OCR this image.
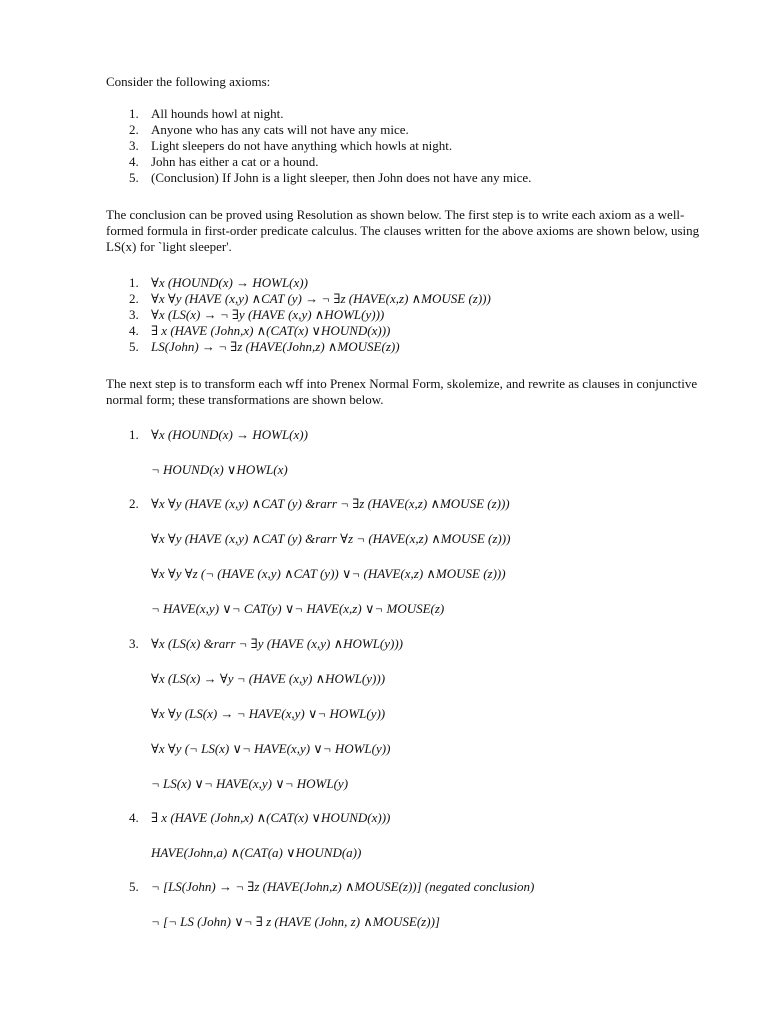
Consider the following axioms:
1. All hounds howl at night.
2. Anyone who has any cats will not have any mice.
3. Light sleepers do not have anything which howls at night.
4. John has either a cat or a hound.
5. (Conclusion) If John is a light sleeper, then John does not have any mice.
The conclusion can be proved using Resolution as shown below. The first step is to write each axiom as a well-formed formula in first-order predicate calculus. The clauses written for the above axioms are shown below, using LS(x) for `light sleeper'.
1. ∀x (HOUND(x) → HOWL(x))
2. ∀x ∀y (HAVE (x,y) ∧CAT (y) → ¬ ∃z (HAVE(x,z) ∧MOUSE (z)))
3. ∀x (LS(x) → ¬ ∃y (HAVE (x,y) ∧HOWL(y)))
4. ∃ x (HAVE (John,x) ∧(CAT(x) ∨HOUND(x)))
5. LS(John) → ¬ ∃z (HAVE(John,z) ∧MOUSE(z))
The next step is to transform each wff into Prenex Normal Form, skolemize, and rewrite as clauses in conjunctive normal form; these transformations are shown below.
1. ∀x (HOUND(x) → HOWL(x))
¬ HOUND(x) ∨HOWL(x)
2. ∀x ∀y (HAVE (x,y) ∧CAT (y) &rarr ¬ ∃z (HAVE(x,z) ∧MOUSE (z)))
∀x ∀y (HAVE (x,y) ∧CAT (y) &rarr ∀z ¬ (HAVE(x,z) ∧MOUSE (z)))
∀x ∀y ∀z (¬ (HAVE (x,y) ∧CAT (y)) ∨¬ (HAVE(x,z) ∧MOUSE (z)))
¬ HAVE(x,y) ∨¬ CAT(y) ∨¬ HAVE(x,z) ∨¬ MOUSE(z)
3. ∀x (LS(x) &rarr ¬ ∃y (HAVE (x,y) ∧HOWL(y)))
∀x (LS(x) → ∀y ¬ (HAVE (x,y) ∧HOWL(y)))
∀x ∀y (LS(x) → ¬ HAVE(x,y) ∨¬ HOWL(y))
∀x ∀y (¬ LS(x) ∨¬ HAVE(x,y) ∨¬ HOWL(y))
¬ LS(x) ∨¬ HAVE(x,y) ∨¬ HOWL(y)
4. ∃ x (HAVE (John,x) ∧(CAT(x) ∨HOUND(x)))
HAVE(John,a) ∧(CAT(a) ∨HOUND(a))
5. ¬ [LS(John) → ¬ ∃z (HAVE(John,z) ∧MOUSE(z))] (negated conclusion)
¬ [¬ LS (John) ∨¬ ∃ z (HAVE (John, z) ∧MOUSE(z))]
